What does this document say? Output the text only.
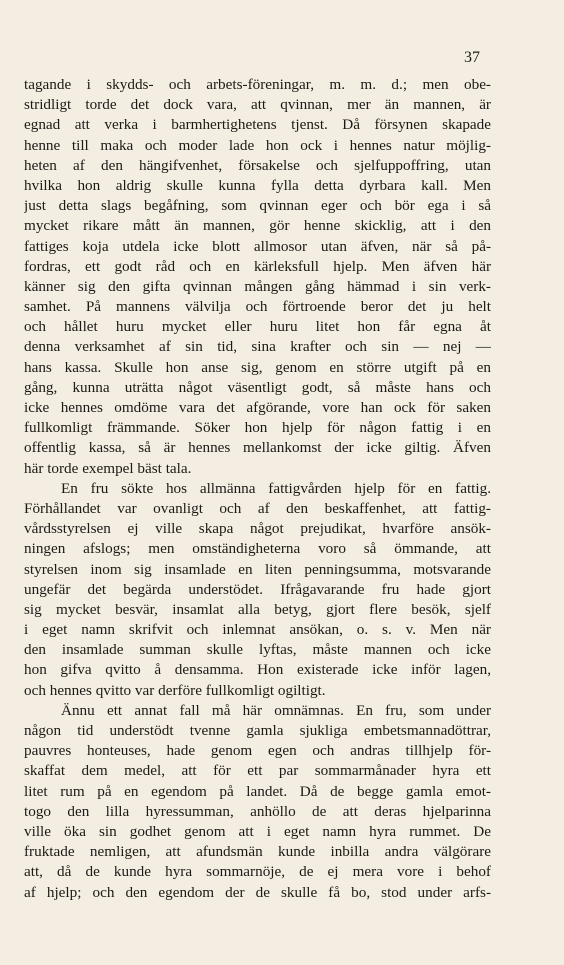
37
tagande i skydds- och arbets-föreningar, m. m. d.; men obe-
stridligt torde det dock vara, att qvinnan, mer än mannen, är
egnad att verka i barmhertighetens tjenst. Då försynen skapade
henne till maka och moder lade hon ock i hennes natur möjlig-
heten af den hängifvenhet, försakelse och sjelfuppoffring, utan
hvilka hon aldrig skulle kunna fylla detta dyrbara kall. Men
just detta slags begåfning, som qvinnan eger och bör ega i så
mycket rikare mått än mannen, gör henne skicklig, att i den
fattiges koja utdela icke blott allmosor utan äfven, när så på-
fordras, ett godt råd och en kärleksfull hjelp. Men äfven här
känner sig den gifta qvinnan mången gång hämmad i sin verk-
samhet. På mannens välvilja och förtroende beror det ju helt
och hållet huru mycket eller huru litet hon får egna åt
denna verksamhet af sin tid, sina krafter och sin — nej —
hans kassa. Skulle hon anse sig, genom en större utgift på en
gång, kunna uträtta något väsentligt godt, så måste hans och
icke hennes omdöme vara det afgörande, vore han ock för saken
fullkomligt främmande. Söker hon hjelp för någon fattig i en
offentlig kassa, så är hennes mellankomst der icke giltig. Äfven
här torde exempel bäst tala.
En fru sökte hos allmänna fattigvården hjelp för en fattig.
Förhållandet var ovanligt och af den beskaffenhet, att fattig-
vårdsstyrelsen ej ville skapa något prejudikat, hvarföre ansök-
ningen afslogs; men omständigheterna voro så ömmande, att
styrelsen inom sig insamlade en liten penningsumma, motsvarande
ungefär det begärda understödet. Ifrågavarande fru hade gjort
sig mycket besvär, insamlat alla betyg, gjort flere besök, sjelf
i eget namn skrifvit och inlemnat ansökan, o. s. v. Men när
den insamlade summan skulle lyftas, måste mannen och icke
hon gifva qvitto å densamma. Hon existerade icke inför lagen,
och hennes qvitto var derföre fullkomligt ogiltigt.
Ännu ett annat fall må här omnämnas. En fru, som under
någon tid understödt tvenne gamla sjukliga embetsmannadöttrar,
pauvres honteuses, hade genom egen och andras tillhjelp för-
skaffat dem medel, att för ett par sommarmånader hyra ett
litet rum på en egendom på landet. Då de begge gamla emot-
togo den lilla hyressumman, anhöllo de att deras hjelparinna
ville öka sin godhet genom att i eget namn hyra rummet. De
fruktade nemligen, att afundsmän kunde inbilla andra välgörare
att, då de kunde hyra sommarnöje, de ej mera vore i behof
af hjelp; och den egendom der de skulle få bo, stod under arfs-
